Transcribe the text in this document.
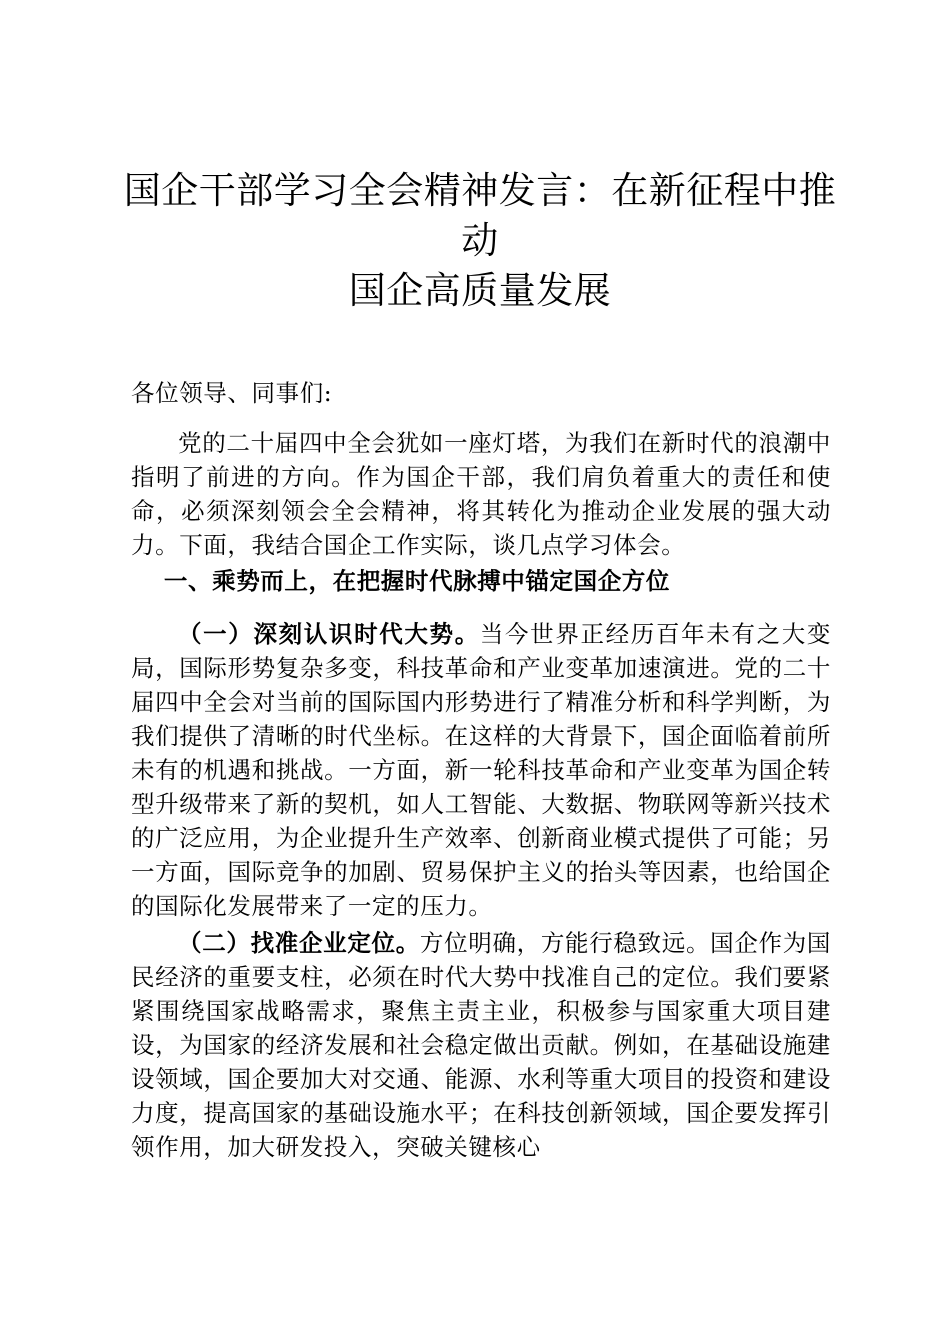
国企干部学习全会精神发言：在新征程中推动
国企高质量发展

各位领导、同事们:

党的二十届四中全会犹如一座灯塔，为我们在新时代的浪潮中指明了前进的方向。作为国企干部，我们肩负着重大的责任和使命，必须深刻领会全会精神，将其转化为推动企业发展的强大动力。下面，我结合国企工作实际，谈几点学习体会。

一、乘势而上，在把握时代脉搏中锚定国企方位

（一）深刻认识时代大势。当今世界正经历百年未有之大变局，国际形势复杂多变，科技革命和产业变革加速演进。党的二十届四中全会对当前的国际国内形势进行了精准分析和科学判断，为我们提供了清晰的时代坐标。在这样的大背景下，国企面临着前所未有的机遇和挑战。一方面，新一轮科技革命和产业变革为国企转型升级带来了新的契机，如人工智能、大数据、物联网等新兴技术的广泛应用，为企业提升生产效率、创新商业模式提供了可能；另一方面，国际竞争的加剧、贸易保护主义的抬头等因素，也给国企的国际化发展带来了一定的压力。

（二）找准企业定位。方位明确，方能行稳致远。国企作为国民经济的重要支柱，必须在时代大势中找准自己的定位。我们要紧紧围绕国家战略需求，聚焦主责主业，积极参与国家重大项目建设，为国家的经济发展和社会稳定做出贡献。例如，在基础设施建设领域，国企要加大对交通、能源、水利等重大项目的投资和建设力度，提高国家的基础设施水平；在科技创新领域，国企要发挥引领作用，加大研发投入，突破关键核心
